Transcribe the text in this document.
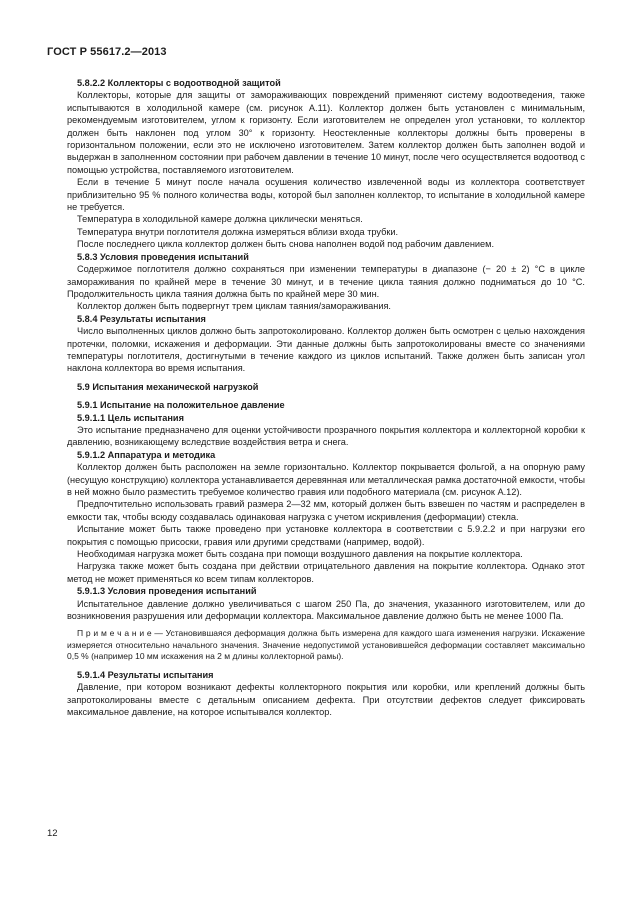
ГОСТ Р 55617.2—2013

5.8.2.2 Коллекторы с водоотводной защитой

Коллекторы, которые для защиты от замораживающих повреждений применяют систему водоотведения, также испытываются в холодильной камере (см. рисунок А.11). Коллектор должен быть установлен с минимальным, рекомендуемым изготовителем, углом к горизонту. Если изготовителем не определен угол установки, то коллектор должен быть наклонен под углом 30° к горизонту. Неостекленные коллекторы должны быть проверены в горизонтальном положении, если это не исключено изготовителем. Затем коллектор должен быть заполнен водой и выдержан в заполненном состоянии при рабочем давлении в течение 10 минут, после чего осуществляется водоотвод с помощью устройства, поставляемого изготовителем.

Если в течение 5 минут после начала осушения количество извлеченной воды из коллектора соответствует приблизительно 95 % полного количества воды, которой был заполнен коллектор, то испытание в холодильной камере не требуется.

Температура в холодильной камере должна циклически меняться.

Температура внутри поглотителя должна измеряться вблизи входа трубки.

После последнего цикла коллектор должен быть снова наполнен водой под рабочим давлением.

5.8.3 Условия проведения испытаний

Содержимое поглотителя должно сохраняться при изменении температуры в диапазоне (− 20 ± 2) °С в цикле замораживания по крайней мере в течение 30 минут, и в течение цикла таяния должно подниматься до 10 °С. Продолжительность цикла таяния должна быть по крайней мере 30 мин.

Коллектор должен быть подвергнут трем циклам таяния/замораживания.

5.8.4 Результаты испытания

Число выполненных циклов должно быть запротоколировано. Коллектор должен быть осмотрен с целью нахождения протечки, поломки, искажения и деформации. Эти данные должны быть запротоколированы вместе со значениями температуры поглотителя, достигнутыми в течение каждого из циклов испытаний. Также должен быть записан угол наклона коллектора во время испытания.

5.9 Испытания механической нагрузкой

5.9.1 Испытание на положительное давление

5.9.1.1 Цель испытания

Это испытание предназначено для оценки устойчивости прозрачного покрытия коллектора и коллекторной коробки к давлению, возникающему вследствие воздействия ветра и снега.

5.9.1.2 Аппаратура и методика

Коллектор должен быть расположен на земле горизонтально. Коллектор покрывается фольгой, а на опорную раму (несущую конструкцию) коллектора устанавливается деревянная или металлическая рамка достаточной емкости, чтобы в ней можно было разместить требуемое количество гравия или подобного материала (см. рисунок А.12).

Предпочтительно использовать гравий размера 2—32 мм, который должен быть взвешен по частям и распределен в емкости так, чтобы всюду создавалась одинаковая нагрузка с учетом искривления (деформации) стекла.

Испытание может быть также проведено при установке коллектора в соответствии с 5.9.2.2 и при нагрузки его покрытия с помощью присоски, гравия или другими средствами (например, водой).

Необходимая нагрузка может быть создана при помощи воздушного давления на покрытие коллектора.

Нагрузка также может быть создана при действии отрицательного давления на покрытие коллектора. Однако этот метод не может применяться ко всем типам коллекторов.

5.9.1.3 Условия проведения испытаний

Испытательное давление должно увеличиваться с шагом 250 Па, до значения, указанного изготовителем, или до возникновения разрушения или деформации коллектора. Максимальное давление должно быть не менее 1000 Па.

П р и м е ч а н и е — Установившаяся деформация должна быть измерена для каждого шага изменения нагрузки. Искажение измеряется относительно начального значения. Значение недопустимой установившейся деформации составляет максимально 0,5 % (например 10 мм искажения на 2 м длины коллекторной рамы).

5.9.1.4 Результаты испытания

Давление, при котором возникают дефекты коллекторного покрытия или коробки, или креплений должны быть запротоколированы вместе с детальным описанием дефекта. При отсутствии дефектов следует фиксировать максимальное давление, на которое испытывался коллектор.

12
